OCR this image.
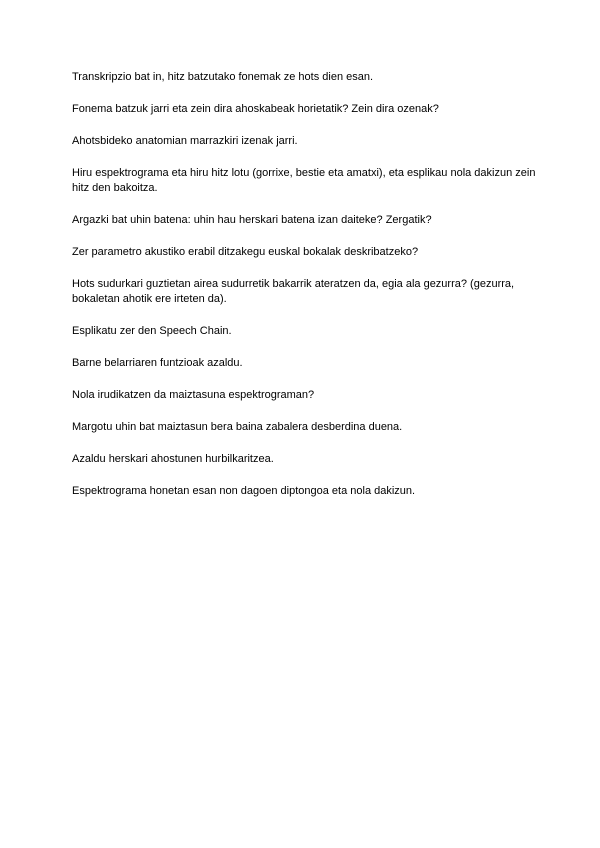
Transkripzio bat in, hitz batzutako fonemak ze hots dien esan.
Fonema batzuk jarri eta zein dira ahoskabeak horietatik? Zein dira ozenak?
Ahotsbideko anatomian marrazkiri izenak jarri.
Hiru espektrograma eta hiru hitz lotu (gorrixe, bestie eta amatxi), eta esplikau nola dakizun zein hitz den bakoitza.
Argazki bat uhin batena: uhin hau herskari batena izan daiteke? Zergatik?
Zer parametro akustiko erabil ditzakegu euskal bokalak deskribatzeko?
Hots sudurkari guztietan airea sudurretik bakarrik ateratzen da, egia ala gezurra? (gezurra, bokaletan ahotik ere irteten da).
Esplikatu zer den Speech Chain.
Barne belarriaren funtzioak azaldu.
Nola irudikatzen da maiztasuna espektrograman?
Margotu uhin bat maiztasun bera baina zabalera desberdina duena.
Azaldu herskari ahostunen hurbilkaritzea.
Espektrograma honetan esan non dagoen diptongoa eta nola dakizun.
